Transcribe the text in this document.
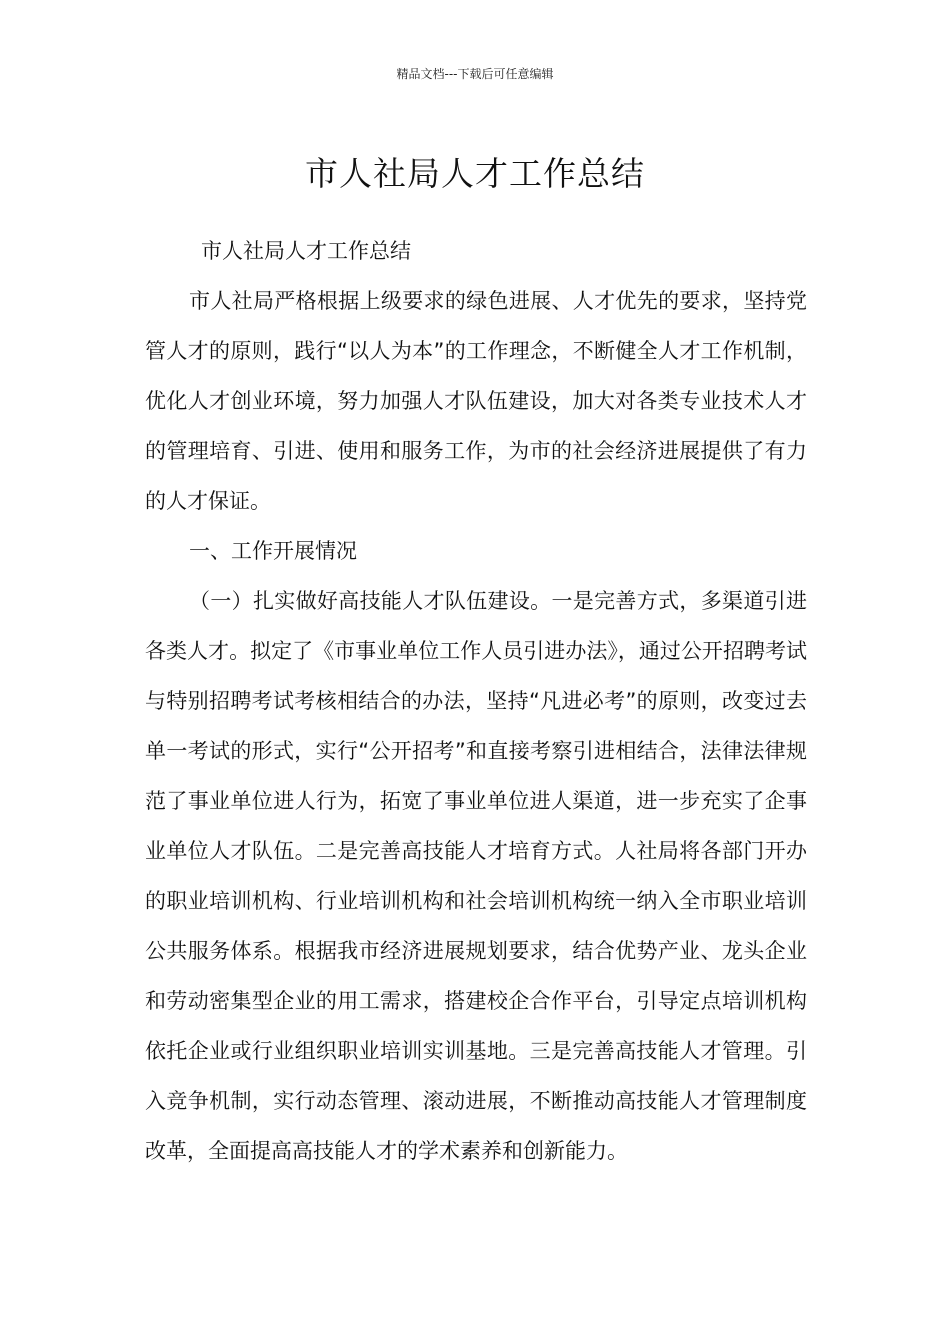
精品文档---下载后可任意编辑
市人社局人才工作总结

市人社局人才工作总结

市人社局严格根据上级要求的绿色进展、人才优先的要求，坚持党管人才的原则，践行“以人为本”的工作理念，不断健全人才工作机制，优化人才创业环境，努力加强人才队伍建设，加大对各类专业技术人才的管理培育、引进、使用和服务工作，为市的社会经济进展提供了有力的人才保证。

一、工作开展情况

（一）扎实做好高技能人才队伍建设。一是完善方式，多渠道引进各类人才。拟定了《市事业单位工作人员引进办法》，通过公开招聘考试与特别招聘考试考核相结合的办法，坚持“凡进必考”的原则，改变过去单一考试的形式，实行“公开招考”和直接考察引进相结合，法律法律规范了事业单位进人行为，拓宽了事业单位进人渠道，进一步充实了企事业单位人才队伍。二是完善高技能人才培育方式。人社局将各部门开办的职业培训机构、行业培训机构和社会培训机构统一纳入全市职业培训公共服务体系。根据我市经济进展规划要求，结合优势产业、龙头企业和劳动密集型企业的用工需求，搭建校企合作平台，引导定点培训机构依托企业或行业组织职业培训实训基地。三是完善高技能人才管理。引入竞争机制，实行动态管理、滚动进展，不断推动高技能人才管理制度改革，全面提高高技能人才的学术素养和创新能力。
